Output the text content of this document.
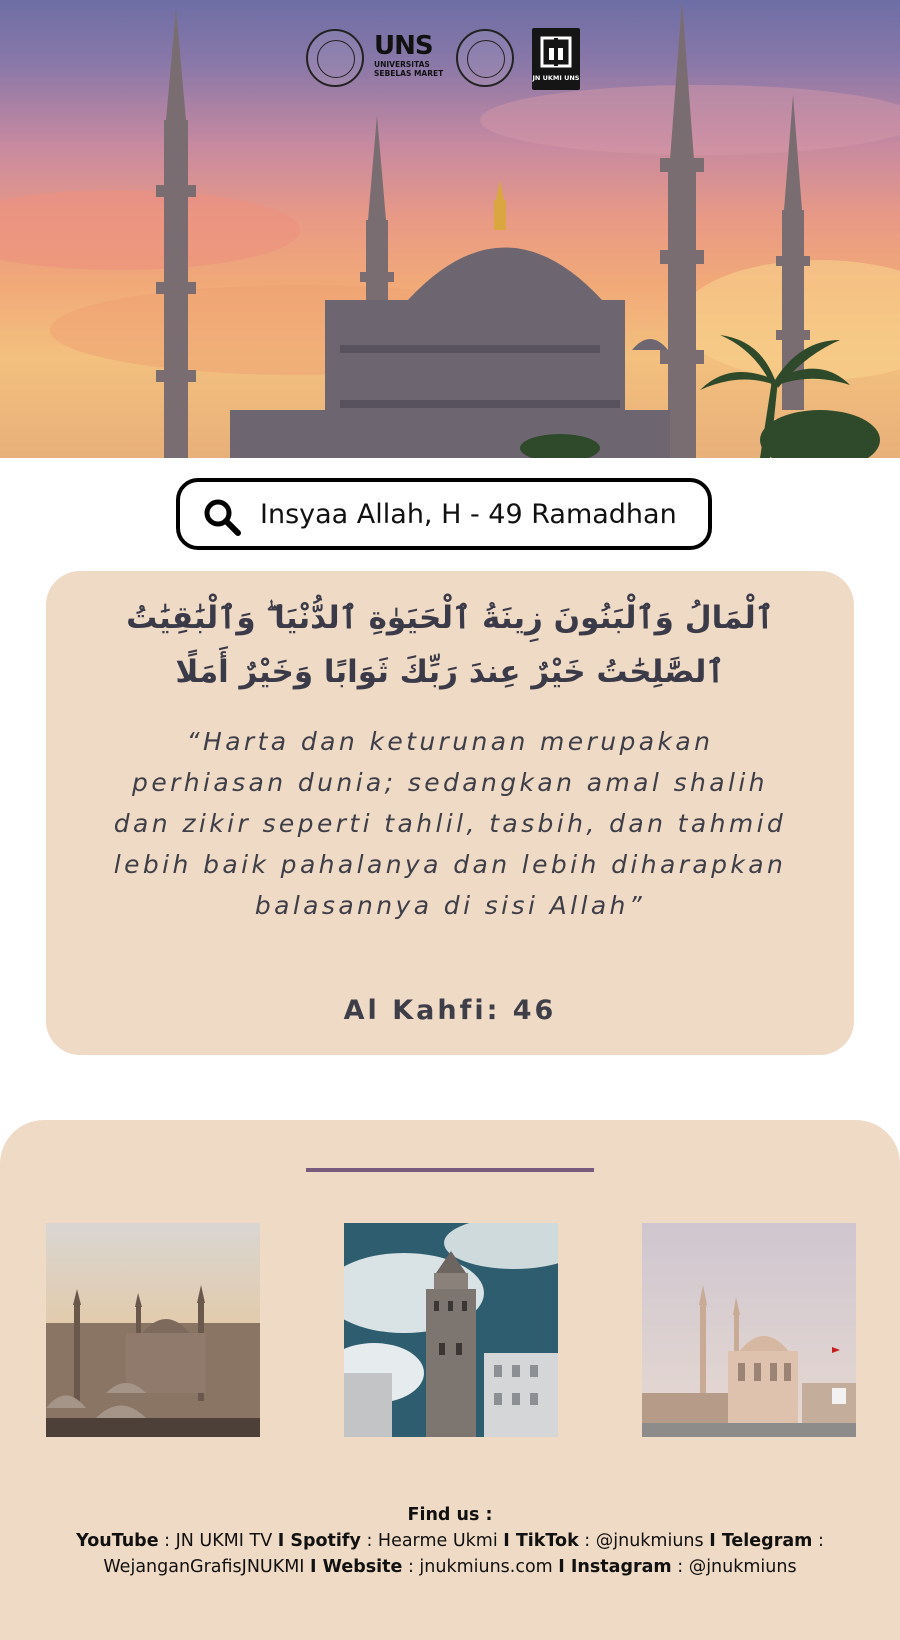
UNS
UNIVERSITAS
SEBELAS MARET	JN UKMI UNS
Insyaa Allah, H - 49 Ramadhan
ٱلْمَالُ وَٱلْبَنُونَ زِينَةُ ٱلْحَيَوٰةِ ٱلدُّنْيَا ۖ وَٱلْبَٰقِيَٰتُ
ٱلصَّٰلِحَٰتُ خَيْرٌ عِندَ رَبِّكَ ثَوَابًا وَخَيْرٌ أَمَلًا
“Harta dan keturunan merupakan
perhiasan dunia; sedangkan amal shalih
dan zikir seperti tahlil, tasbih, dan tahmid
lebih baik pahalanya dan lebih diharapkan
balasannya di sisi Allah”
Al Kahfi: 46
Find us :
YouTube : JN UKMI TV I Spotify : Hearme Ukmi I TikTok : @jnukmiuns I Telegram :
WejanganGrafisJNUKMI I Website : jnukmiuns.com I Instagram : @jnukmiuns
